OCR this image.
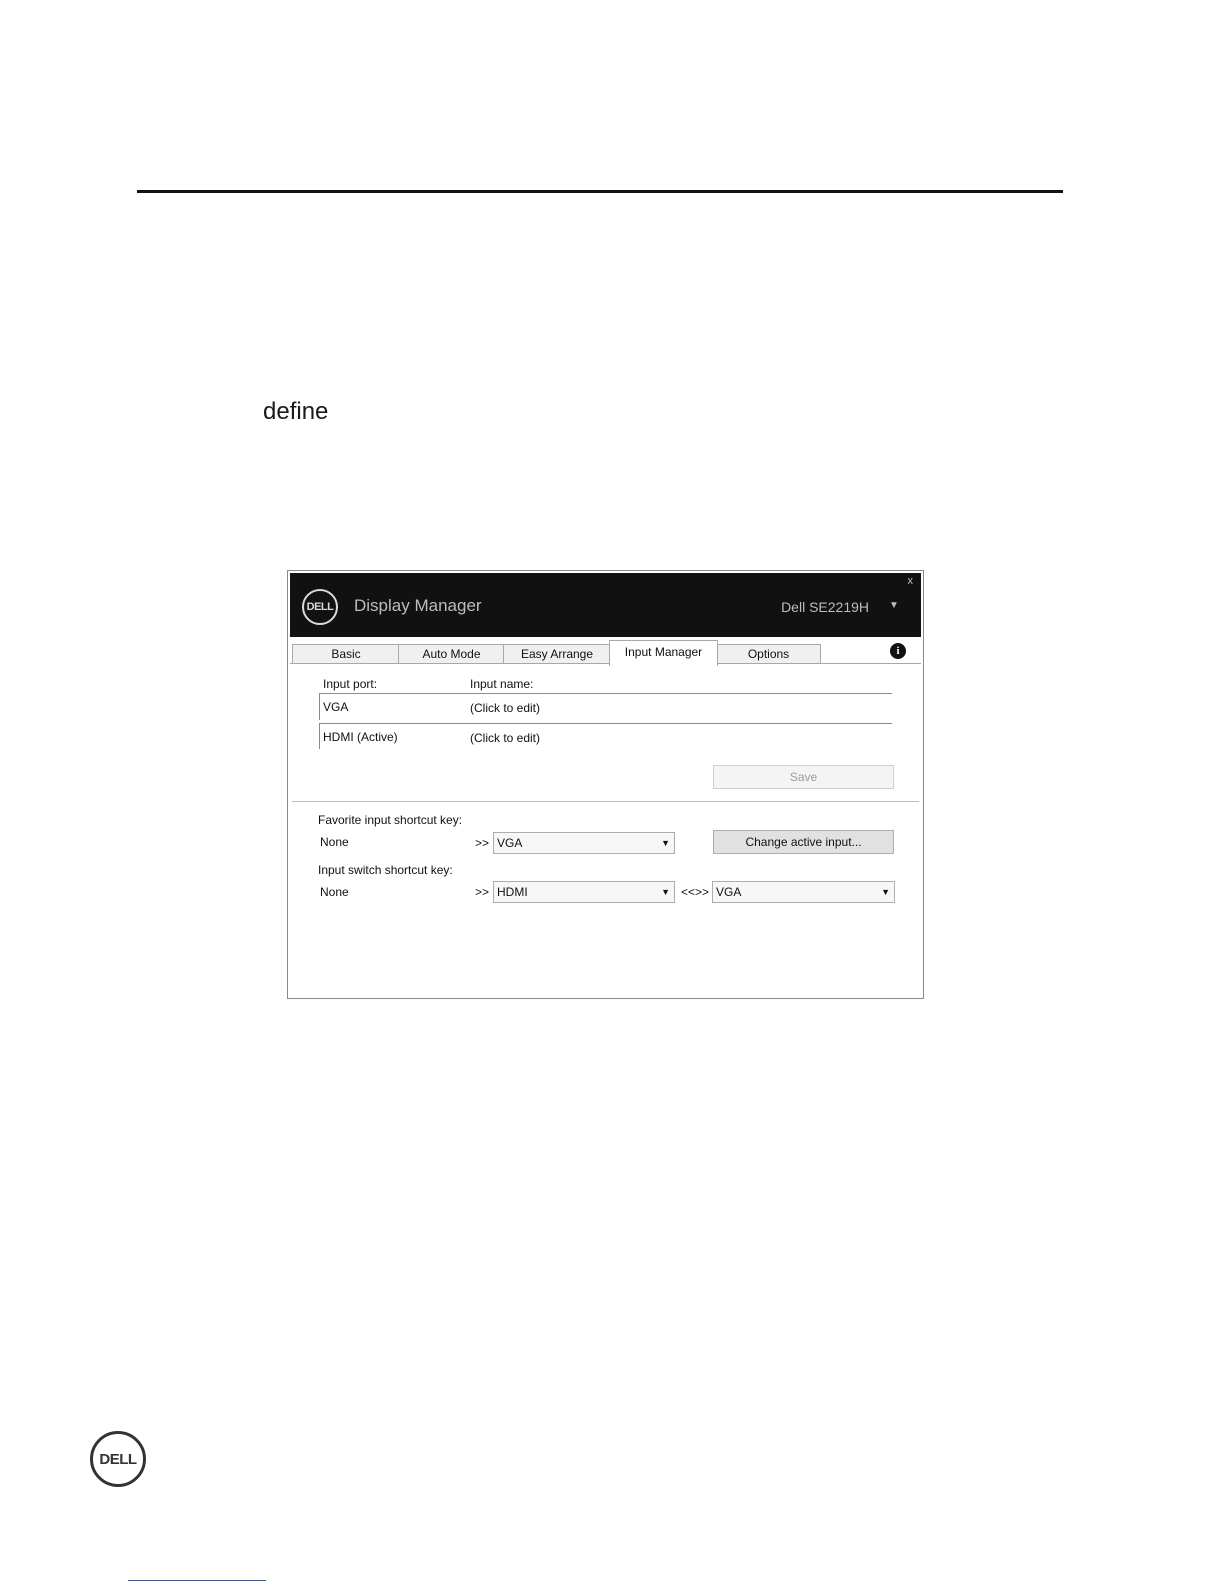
define
DELL Display Manager	Dell SE2219H ▼
x
Basic	Auto Mode	Easy Arrange	Input Manager	Options	i
Input port:	Input name:
VGA	(Click to edit)
HDMI (Active)	(Click to edit)
Save
Favorite input shortcut key:
None	>> VGA	▼	Change active input...
Input switch shortcut key:
None	>> HDMI	▼ <<>> VGA	▼
DELL
